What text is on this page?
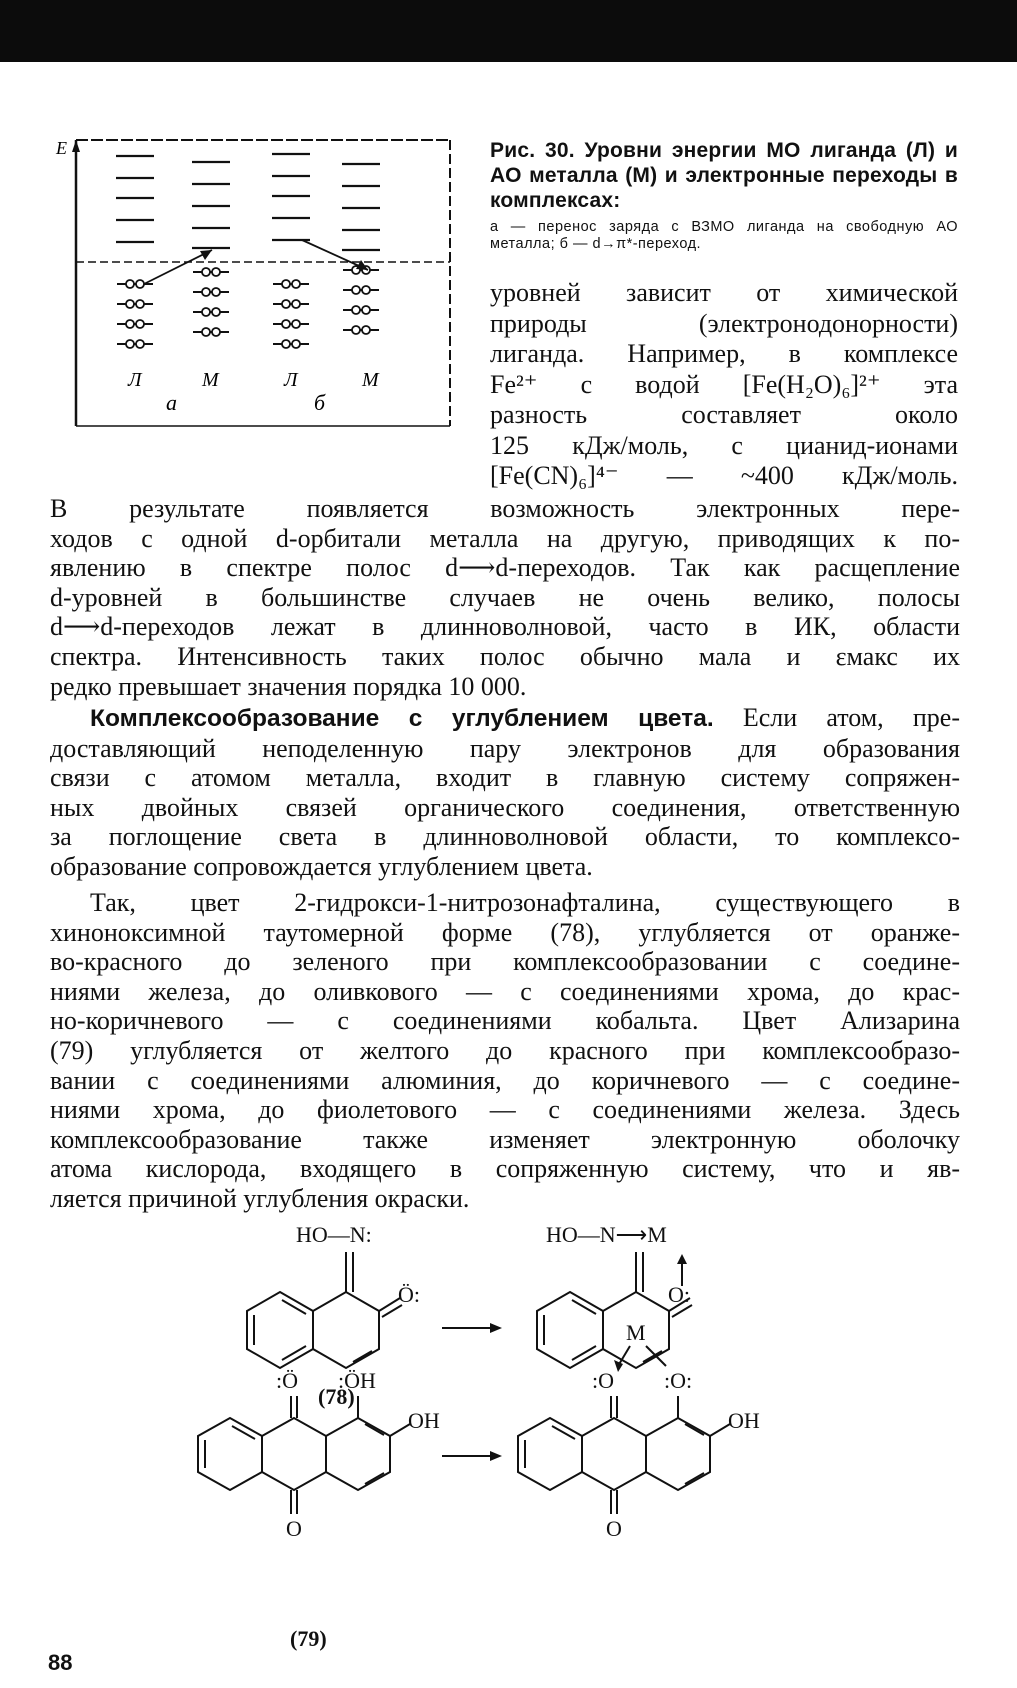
E
Л	М	Л	М
а	б
Рис. 30. Уровни энергии МО лиганда (Л) и АО металла (М) и электронные переходы в комплексах:
а — перенос заряда с ВЗМО лиганда на свободную АО металла; б — d→π*-переход.
уровней зависит от химической
природы (электронодонорности)
лиганда. Например, в комплексе
Fe²⁺ с водой [Fe(H₂O)₆]²⁺ эта
разность составляет около
125 кДж/моль, с цианид-ионами
[Fe(CN)₆]⁴⁻ — ~400 кДж/моль.
В результате появляется возможность электронных пере-
ходов с одной d-орбитали металла на другую, приводящих к по-
явлению в спектре полос d⟶d-переходов. Так как расщепление
d-уровней в большинстве случаев не очень велико, полосы
d⟶d-переходов лежат в длинноволновой, часто в ИК, области
спектра. Интенсивность таких полос обычно мала и εмакс их
редко превышает значения порядка 10 000.
Комплексообразование с углублением цвета. Если атом, пре-
доставляющий неподеленную пару электронов для образования
связи с атомом металла, входит в главную систему сопряжен-
ных двойных связей органического соединения, ответственную
за поглощение света в длинноволновой области, то комплексо-
образование сопровождается углублением цвета.
Так, цвет 2-гидрокси-1-нитрозонафталина, существующего в
хиноноксимной таутомерной форме (78), углубляется от оранже-
во-красного до зеленого при комплексообразовании с соедине-
ниями железа, до оливкового — с соединениями хрома, до крас-
но-коричневого — с соединениями кобальта. Цвет Ализарина
(79) углубляется от желтого до красного при комплексообразо-
вании с соединениями алюминия, до коричневого — с соедине-
ниями хрома, до фиолетового — с соединениями железа. Здесь
комплексообразование также изменяет электронную оболочку
атома кислорода, входящего в сопряженную систему, что и яв-
ляется причиной углубления окраски.
HO—N:
Ö:
HO—N⟶M
O:
(78)
:Ö :ÖH
OH
O
M
:O :O:
OH
O
(79)
88
